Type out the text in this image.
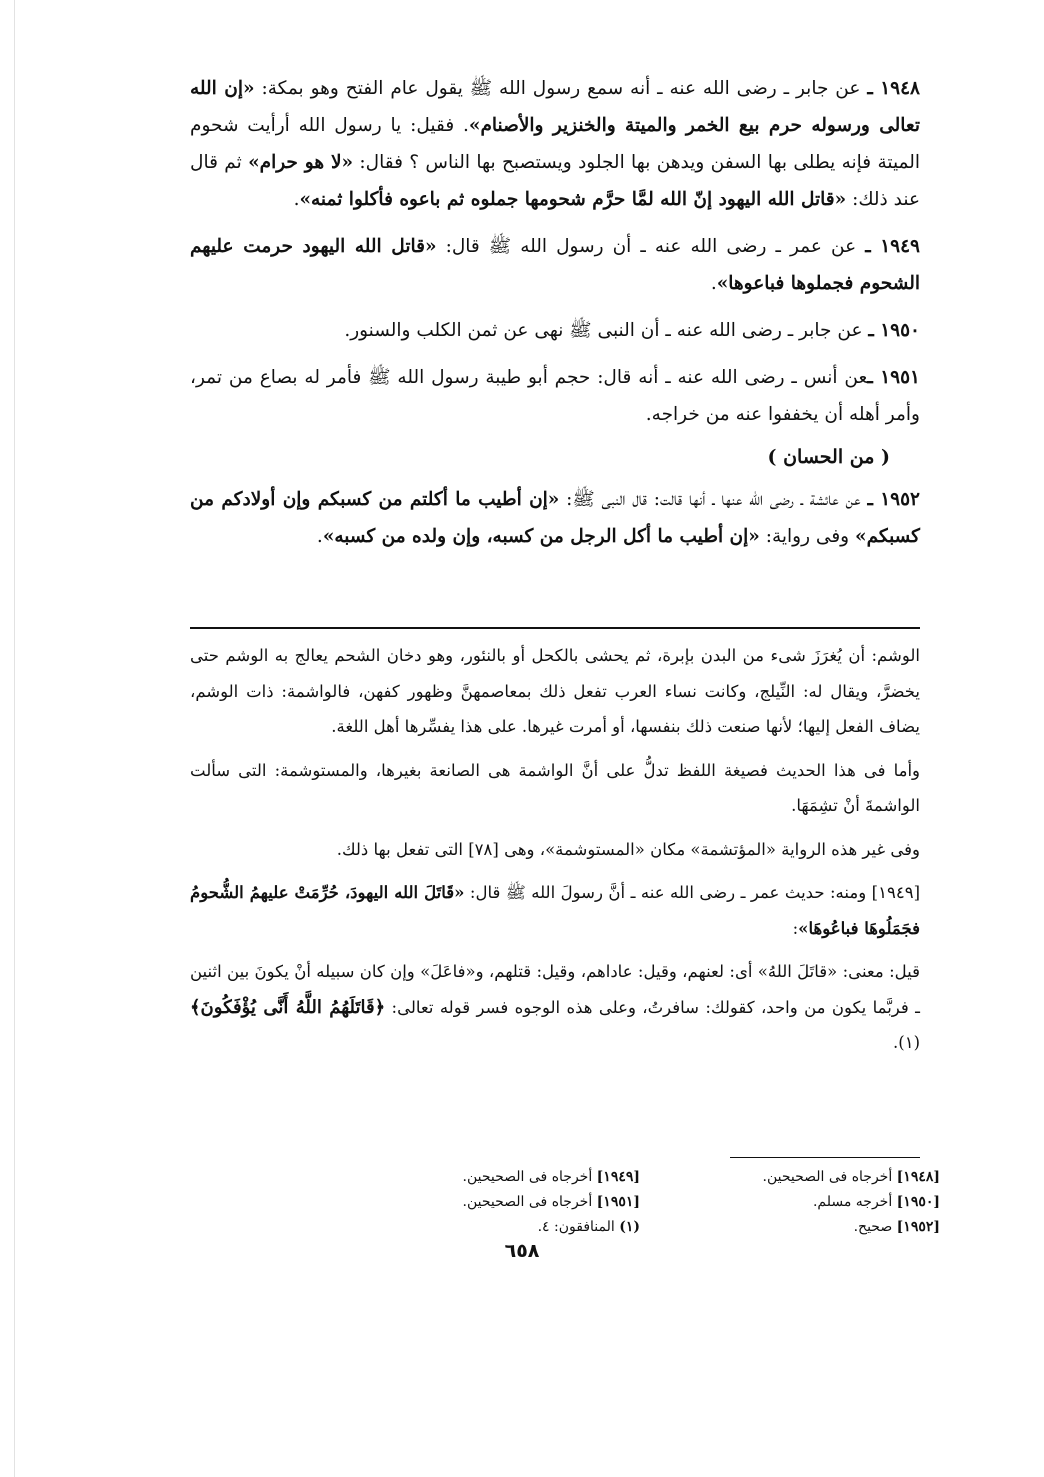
١٩٤٨ ـ عن جابر ـ رضى الله عنه ـ أنه سمع رسول الله ﷺ يقول عام الفتح وهو بمكة: «إن الله تعالى ورسوله حرم بيع الخمر والميتة والخنزير والأصنام». فقيل: يا رسول الله أرأيت شحوم الميتة فإنه يطلى بها السفن ويدهن بها الجلود ويستصبح بها الناس ؟ فقال: «لا هو حرام» ثم قال عند ذلك: «قاتل الله اليهود إنّ الله لمَّا حرَّم شحومها جملوه ثم باعوه فأكلوا ثمنه».

١٩٤٩ ـ عن عمر ـ رضى الله عنه ـ أن رسول الله ﷺ قال: «قاتل الله اليهود حرمت عليهم الشحوم فجملوها فباعوها».

١٩٥٠ ـ عن جابر ـ رضى الله عنه ـ أن النبى ﷺ نهى عن ثمن الكلب والسنور.

١٩٥١ ـعن أنس ـ رضى الله عنه ـ أنه قال: حجم أبو طيبة رسول الله ﷺ فأمر له بصاع من تمر، وأمر أهله أن يخففوا عنه من خراجه.

( من الحسان )

١٩٥٢ ـ عن عائشة ـ رضى الله عنها ـ أنها قالت: قال النبى ﷺ: «إن أطيب ما أكلتم من كسبكم وإن أولادكم من كسبكم» وفى رواية: «إن أطيب ما أكل الرجل من كسبه، وإن ولده من كسبه».

الوشم: أن يُغرَزَ شىء من البدن بإبرة، ثم يحشى بالكحل أو بالنئور، وهو دخان الشحم يعالج به الوشم حتى يخضرَّ، ويقال له: النِّيلج، وكانت نساء العرب تفعل ذلك بمعاصمهنَّ وظهور كفهن، فالواشمة: ذات الوشم، يضاف الفعل إليها؛ لأنها صنعت ذلك بنفسها، أو أمرت غيرها. على هذا يفسِّرها أهل اللغة.

وأما فى هذا الحديث فصيغة اللفظ تدلُّ على أنَّ الواشمة هى الصانعة بغيرها، والمستوشمة: التى سألت الواشمةَ أنْ تشِمَهَا.

وفى غير هذه الرواية «المؤتشمة» مكان «المستوشمة»، وهى [٧٨] التى تفعل بها ذلك.

[١٩٤٩] ومنه: حديث عمر ـ رضى الله عنه ـ أنَّ رسولَ الله ﷺ قال: «قَاتَلَ الله اليهودَ، حُرِّمَتْ عليهمُ الشُّحومُ فجَمَلُوهَا فباعُوهَا»:

قيل: معنى: «قاتَلَ اللهُ» أى: لعنهم، وقيل: عاداهم، وقيل: قتلهم، و«فاعَلَ» وإن كان سبيله أنْ يكونَ بين اثنين ـ فربَّما يكون من واحد، كقولك: سافرتُ، وعلى هذه الوجوه فسر قوله تعالى: ﴿قَاتَلَهُمُ اللَّهُ أَنَّى يُؤْفَكُونَ﴾(١).

[١٩٤٨] أخرجاه فى الصحيحين.
[١٩٥٠] أخرجه مسلم.
[١٩٥٢] صحيح.
[١٩٤٩] أخرجاه فى الصحيحين.
[١٩٥١] أخرجاه فى الصحيحين.
(١) المنافقون: ٤.
٦٥٨
